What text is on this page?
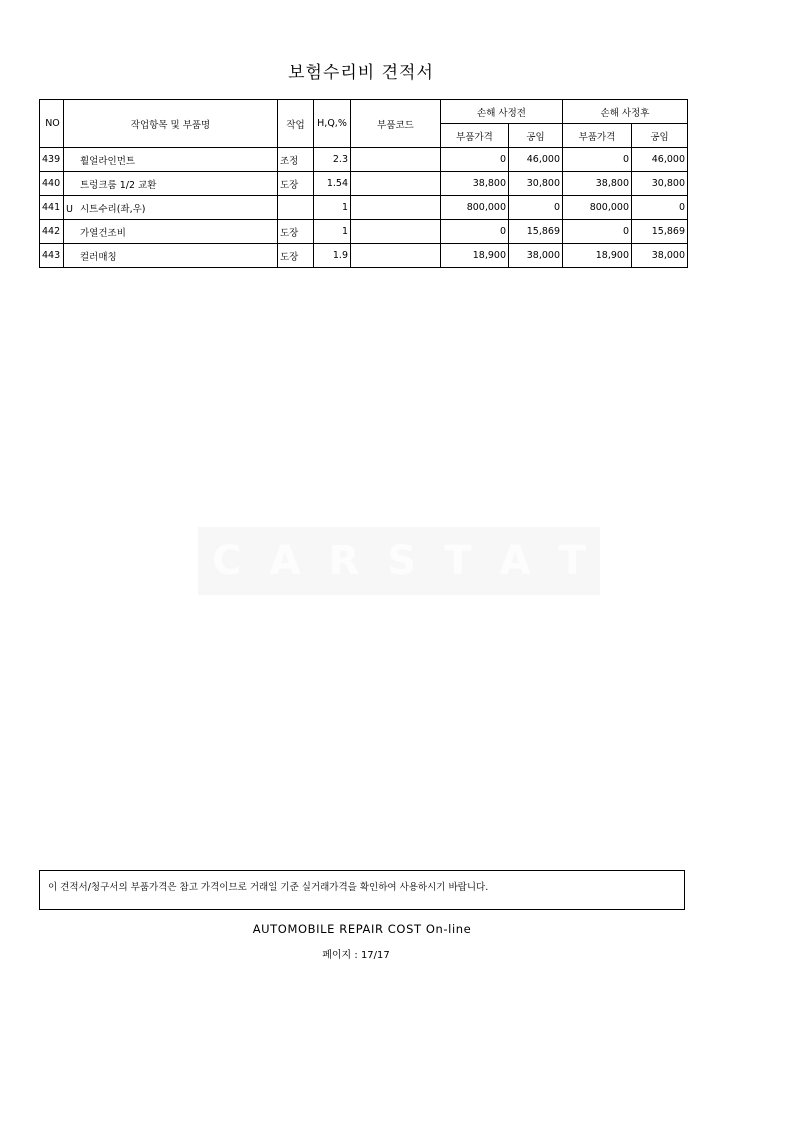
보험수리비 견적서
NO	작업항목 및 부품명	작업	H,Q,%	부품코드	손해 사정전		손해 사정후	
					부품가격	공임	부품가격	공임
439	휠얼라인먼트	조정	2.3		0	46,000	0	46,000
440	트렁크룸 1/2 교환	도장	1.54		38,800	30,800	38,800	30,800
441	U 시트수리(좌,우)		1		800,000	0	800,000	0
442	가열건조비	도장	1		0	15,869	0	15,869
443	컬러매칭	도장	1.9		18,900	38,000	18,900	38,000
C A R S T A T
이 견적서/청구서의 부품가격은 참고 가격이므로 거래일 기준 실거래가격을 확인하여 사용하시기 바랍니다.
AUTOMOBILE REPAIR COST On-line
페이지 : 17/17
